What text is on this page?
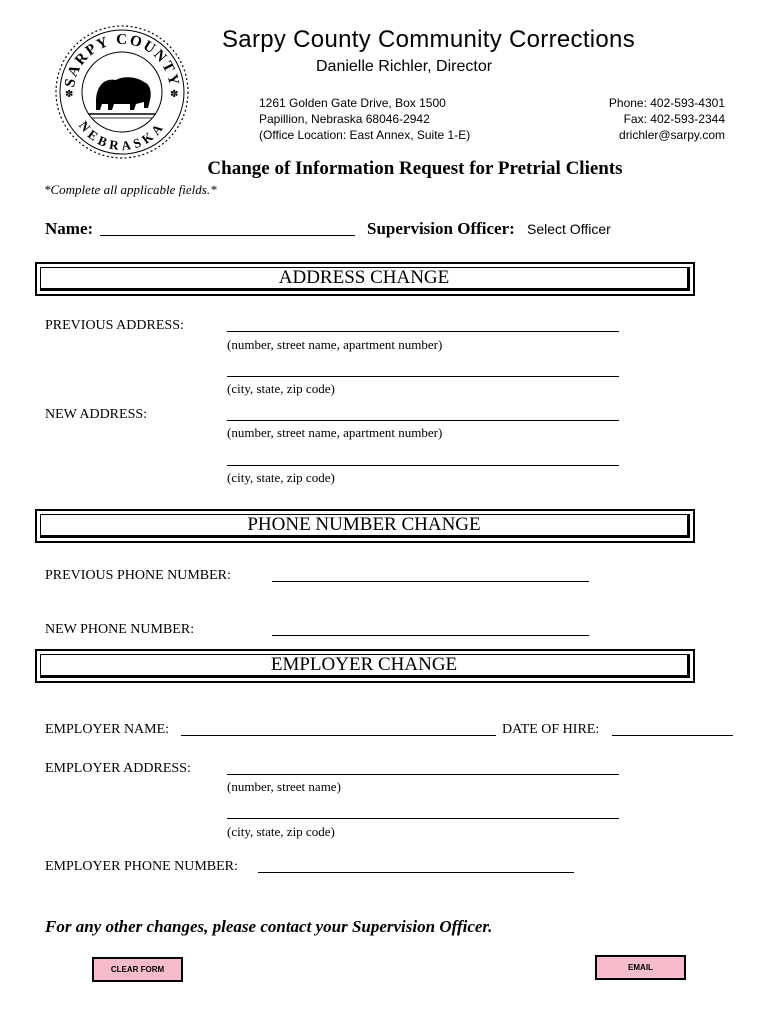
SARPY COUNTY
NEBRASKA
✽	✽
Sarpy County Community Corrections
Danielle Richler, Director
1261 Golden Gate Drive, Box 1500
Papillion, Nebraska 68046-2942
(Office Location: East Annex, Suite 1-E)
Phone: 402-593-4301
Fax: 402-593-2344
drichler@sarpy.com
Change of Information Request for Pretrial Clients
*Complete all applicable fields.*
Name:	Supervision Officer: Select Officer
ADDRESS CHANGE
PREVIOUS ADDRESS:
(number, street name, apartment number)
(city, state, zip code)
NEW ADDRESS:
(number, street name, apartment number)
(city, state, zip code)
PHONE NUMBER CHANGE
PREVIOUS PHONE NUMBER:
NEW PHONE NUMBER:
EMPLOYER CHANGE
EMPLOYER NAME:	DATE OF HIRE:
EMPLOYER ADDRESS:
(number, street name)
(city, state, zip code)
EMPLOYER PHONE NUMBER:
For any other changes, please contact your Supervision Officer.
CLEAR FORM	EMAIL
